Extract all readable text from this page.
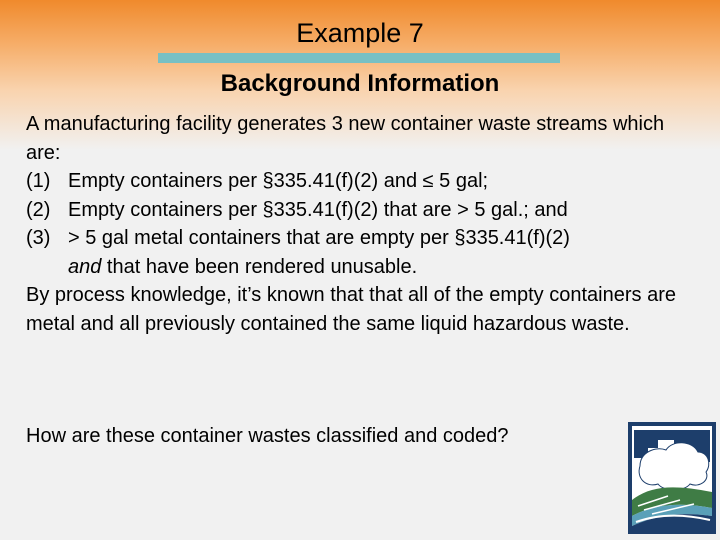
Example 7
Background Information

A manufacturing facility generates 3 new container waste streams which are:

(1) Empty containers per §335.41(f)(2) and ≤ 5 gal;
(2) Empty containers per §335.41(f)(2) that are > 5 gal.; and
(3) > 5 gal metal containers that are empty per §335.41(f)(2)

and that have been rendered unusable.

By process knowledge, it’s known that that all of the empty containers are metal and all previously contained the same liquid hazardous waste.

How are these container wastes classified and coded?
